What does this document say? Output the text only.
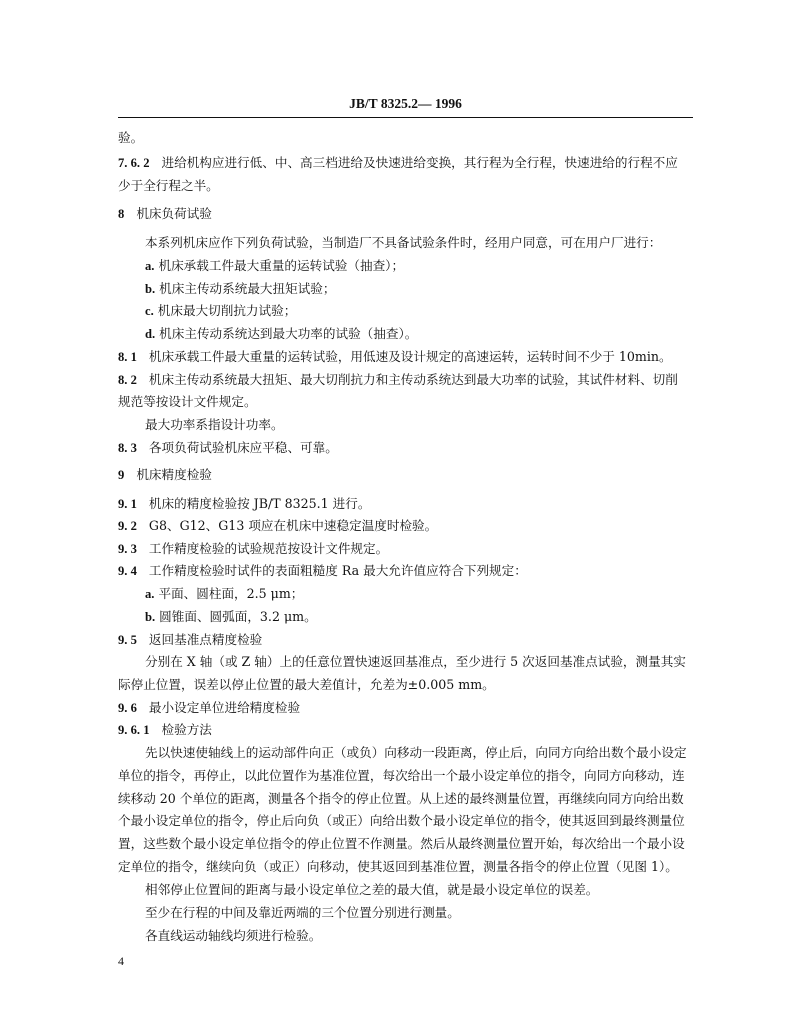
JB/T 8325.2— 1996
验。
7. 6. 2 进给机构应进行低、中、高三档进给及快速进给变换，其行程为全行程，快速进给的行程不应
少于全行程之半。
8 机床负荷试验
本系列机床应作下列负荷试验，当制造厂不具备试验条件时，经用户同意，可在用户厂进行：
a. 机床承载工件最大重量的运转试验（抽查）；
b. 机床主传动系统最大扭矩试验；
c. 机床最大切削抗力试验；
d. 机床主传动系统达到最大功率的试验（抽查）。
8. 1 机床承载工件最大重量的运转试验，用低速及设计规定的高速运转，运转时间不少于 10min。
8. 2 机床主传动系统最大扭矩、最大切削抗力和主传动系统达到最大功率的试验，其试件材料、切削
规范等按设计文件规定。
最大功率系指设计功率。
8. 3 各项负荷试验机床应平稳、可靠。
9 机床精度检验
9. 1 机床的精度检验按 JB/T 8325.1 进行。
9. 2 G8、G12、G13 项应在机床中速稳定温度时检验。
9. 3 工作精度检验的试验规范按设计文件规定。
9. 4 工作精度检验时试件的表面粗糙度 Ra 最大允许值应符合下列规定：
a. 平面、圆柱面，2.5 μm；
b. 圆锥面、圆弧面，3.2 μm。
9. 5 返回基准点精度检验
分别在 X 轴（或 Z 轴）上的任意位置快速返回基准点，至少进行 5 次返回基准点试验，测量其实
际停止位置，误差以停止位置的最大差值计，允差为±0.005 mm。
9. 6 最小设定单位进给精度检验
9. 6. 1 检验方法
先以快速使轴线上的运动部件向正（或负）向移动一段距离，停止后，向同方向给出数个最小设定
单位的指令，再停止，以此位置作为基准位置，每次给出一个最小设定单位的指令，向同方向移动，连
续移动 20 个单位的距离，测量各个指令的停止位置。从上述的最终测量位置，再继续向同方向给出数
个最小设定单位的指令，停止后向负（或正）向给出数个最小设定单位的指令，使其返回到最终测量位
置，这些数个最小设定单位指令的停止位置不作测量。然后从最终测量位置开始，每次给出一个最小设
定单位的指令，继续向负（或正）向移动，使其返回到基准位置，测量各指令的停止位置（见图 1）。
相邻停止位置间的距离与最小设定单位之差的最大值，就是最小设定单位的误差。
至少在行程的中间及靠近两端的三个位置分别进行测量。
各直线运动轴线均须进行检验。
4
